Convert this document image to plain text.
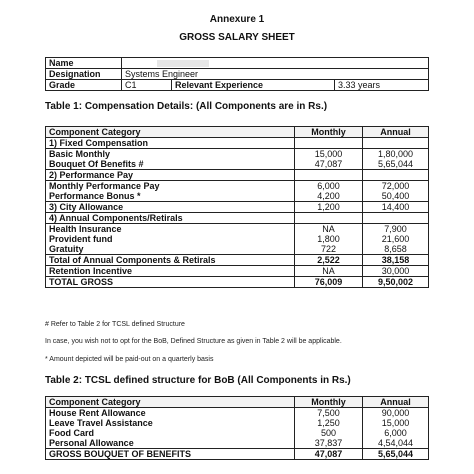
Annexure 1
GROSS SALARY SHEET
Name			
Designation	Systems Engineer		
Grade	C1	Relevant Experience	3.33 years
Table 1: Compensation Details: (All Components are in Rs.)
Component Category	Monthly	Annual
1) Fixed Compensation		
Basic Monthly	15,000	1,80,000
Bouquet Of Benefits #	47,087	5,65,044
2) Performance Pay		
Monthly Performance Pay	6,000	72,000
Performance Bonus *	4,200	50,400
3) City Allowance	1,200	14,400
4) Annual Components/Retirals		
Health Insurance	NA	7,900
Provident fund	1,800	21,600
Gratuity	722	8,658
Total of Annual Components & Retirals	2,522	38,158
Retention Incentive	NA	30,000
TOTAL GROSS	76,009	9,50,002
# Refer to Table 2 for TCSL defined Structure
In case, you wish not to opt for the BoB, Defined Structure as given in Table 2 will be applicable.
* Amount depicted will be paid-out on a quarterly basis
Table 2: TCSL defined structure for BoB (All Components in Rs.)
Component Category	Monthly	Annual
House Rent Allowance	7,500	90,000
Leave Travel Assistance	1,250	15,000
Food Card	500	6,000
Personal Allowance	37,837	4,54,044
GROSS BOUQUET OF BENEFITS	47,087	5,65,044
